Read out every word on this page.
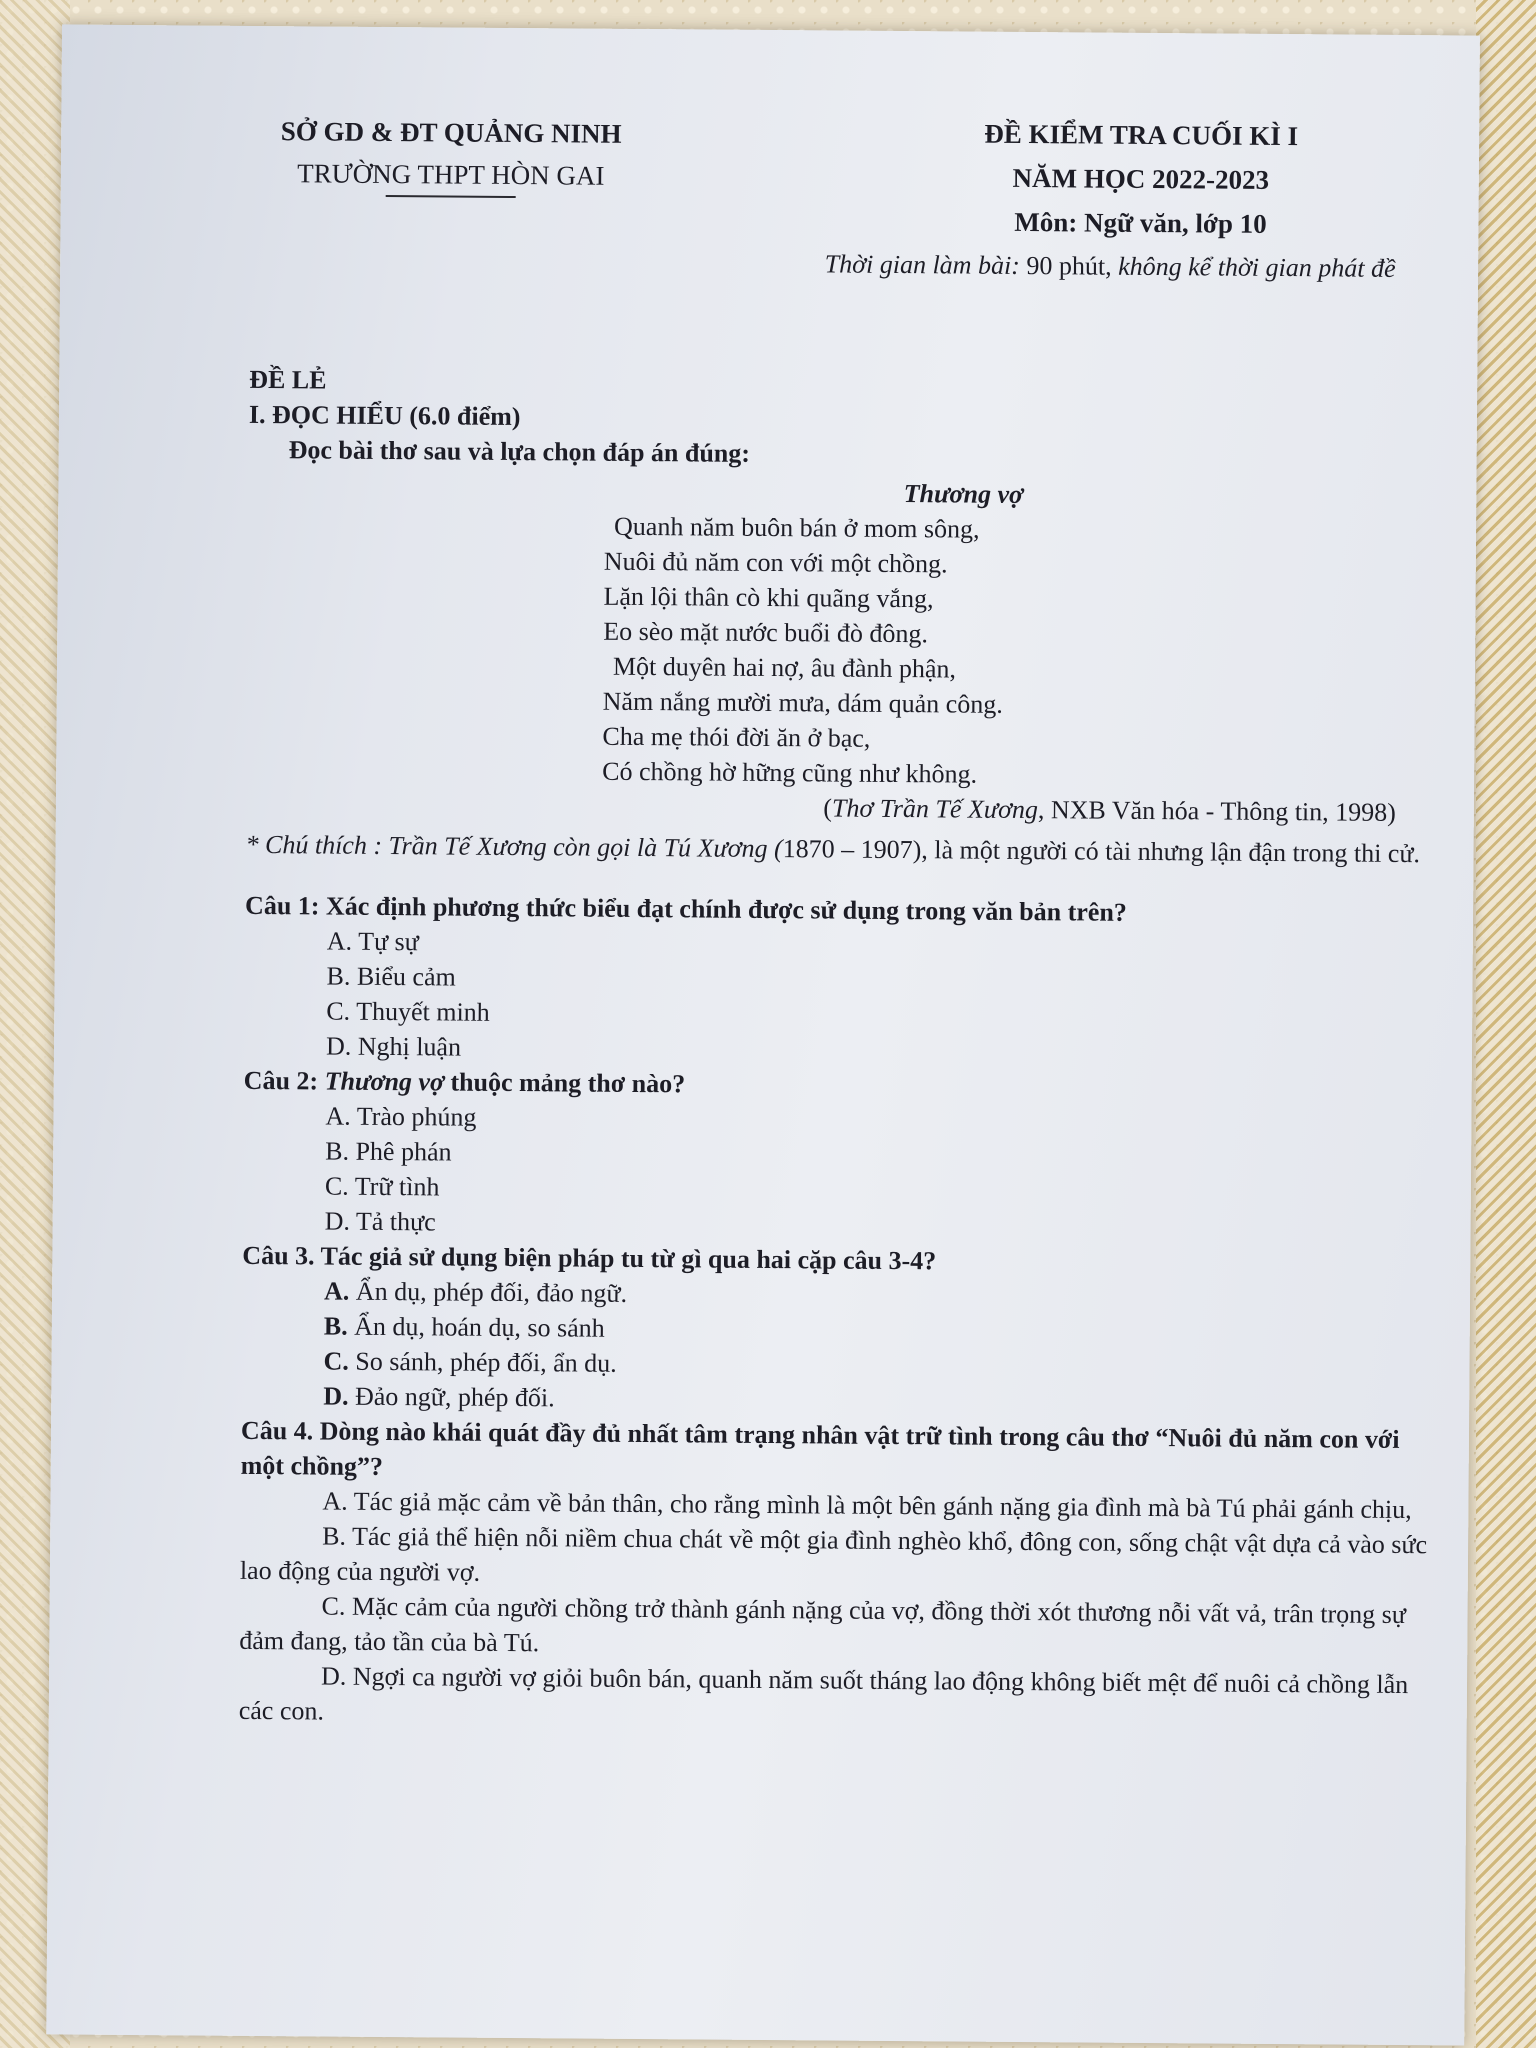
SỞ GD & ĐT QUẢNG NINH
TRƯỜNG THPT HÒN GAI
ĐỀ KIỂM TRA CUỐI KÌ I
NĂM HỌC 2022-2023
Môn: Ngữ văn, lớp 10
Thời gian làm bài: 90 phút, không kể thời gian phát đề
ĐỀ LẺ
I. ĐỌC HIỂU (6.0 điểm)
Đọc bài thơ sau và lựa chọn đáp án đúng:
Thương vợ
Quanh năm buôn bán ở mom sông,
Nuôi đủ năm con với một chồng.
Lặn lội thân cò khi quãng vắng,
Eo sèo mặt nước buổi đò đông.
Một duyên hai nợ, âu đành phận,
Năm nắng mười mưa, dám quản công.
Cha mẹ thói đời ăn ở bạc,
Có chồng hờ hững cũng như không.
(Thơ Trần Tế Xương, NXB Văn hóa - Thông tin, 1998)
* Chú thích : Trần Tế Xương còn gọi là Tú Xương (1870 – 1907), là một người có tài nhưng lận đận trong thi cử.
Câu 1: Xác định phương thức biểu đạt chính được sử dụng trong văn bản trên?
A. Tự sự
B. Biểu cảm
C. Thuyết minh
D. Nghị luận
Câu 2: Thương vợ thuộc mảng thơ nào?
A. Trào phúng
B. Phê phán
C. Trữ tình
D. Tả thực
Câu 3. Tác giả sử dụng biện pháp tu từ gì qua hai cặp câu 3-4?
A. Ẩn dụ, phép đối, đảo ngữ.
B. Ẩn dụ, hoán dụ, so sánh
C. So sánh, phép đối, ẩn dụ.
D. Đảo ngữ, phép đối.
Câu 4. Dòng nào khái quát đầy đủ nhất tâm trạng nhân vật trữ tình trong câu thơ “Nuôi đủ năm con với một chồng”?
A. Tác giả mặc cảm về bản thân, cho rằng mình là một bên gánh nặng gia đình mà bà Tú phải gánh chịu,
B. Tác giả thể hiện nỗi niềm chua chát về một gia đình nghèo khổ, đông con, sống chật vật dựa cả vào sức lao động của người vợ.
C. Mặc cảm của người chồng trở thành gánh nặng của vợ, đồng thời xót thương nỗi vất vả, trân trọng sự đảm đang, tảo tần của bà Tú.
D. Ngợi ca người vợ giỏi buôn bán, quanh năm suốt tháng lao động không biết mệt để nuôi cả chồng lẫn các con.
